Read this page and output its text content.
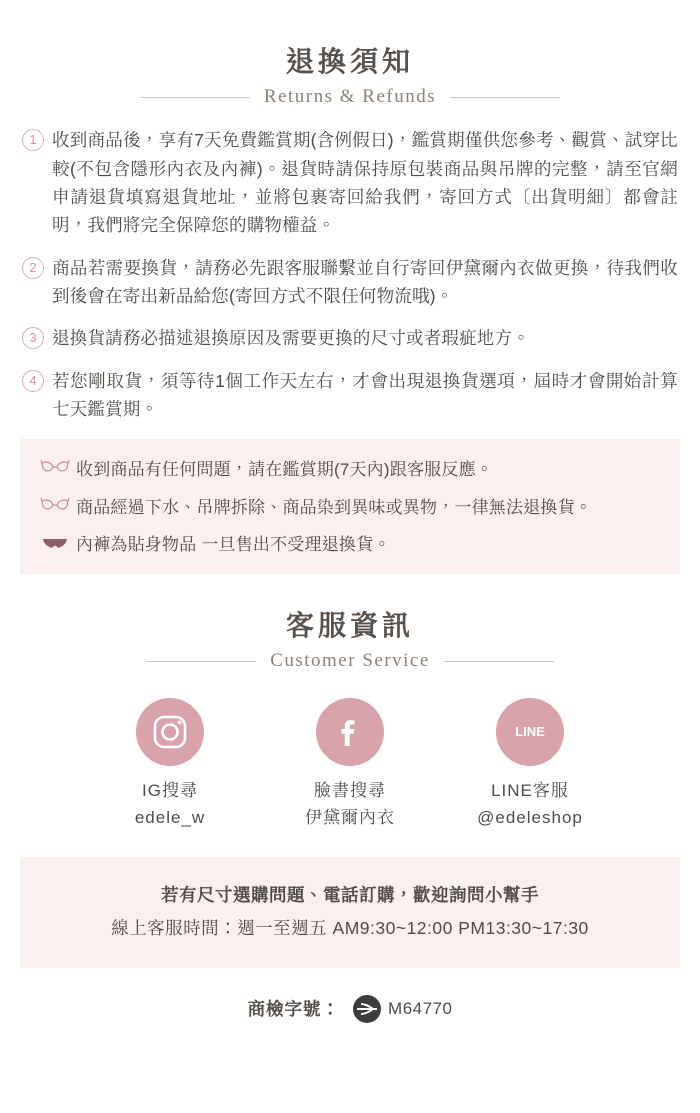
退換須知
Returns & Refunds
1 收到商品後，享有7天免費鑑賞期(含例假日)，鑑賞期僅供您參考、觀賞、試穿比較(不包含隱形內衣及內褲)。退貨時請保持原包裝商品與吊牌的完整，請至官網申請退貨填寫退貨地址，並將包裹寄回給我們，寄回方式〔出貨明細〕都會註明，我們將完全保障您的購物權益。
2 商品若需要換貨，請務必先跟客服聯繫並自行寄回伊黛爾內衣做更換，待我們收到後會在寄出新品給您(寄回方式不限任何物流哦)。
3 退換貨請務必描述退換原因及需要更換的尺寸或者瑕疵地方。
4 若您剛取貨，須等待1個工作天左右，才會出現退換貨選項，屆時才會開始計算七天鑑賞期。
收到商品有任何問題，請在鑑賞期(7天內)跟客服反應。
商品經過下水、吊牌拆除、商品染到異味或異物，一律無法退換貨。
內褲為貼身物品 一旦售出不受理退換貨。
客服資訊
Customer Service
IG搜尋
edele_w
臉書搜尋
伊黛爾內衣
LINE
LINE客服
@edeleshop
若有尺寸選購問題、電話訂購，歡迎詢問小幫手
線上客服時間：週一至週五 AM9:30~12:00 PM13:30~17:30
商檢字號：	M64770
